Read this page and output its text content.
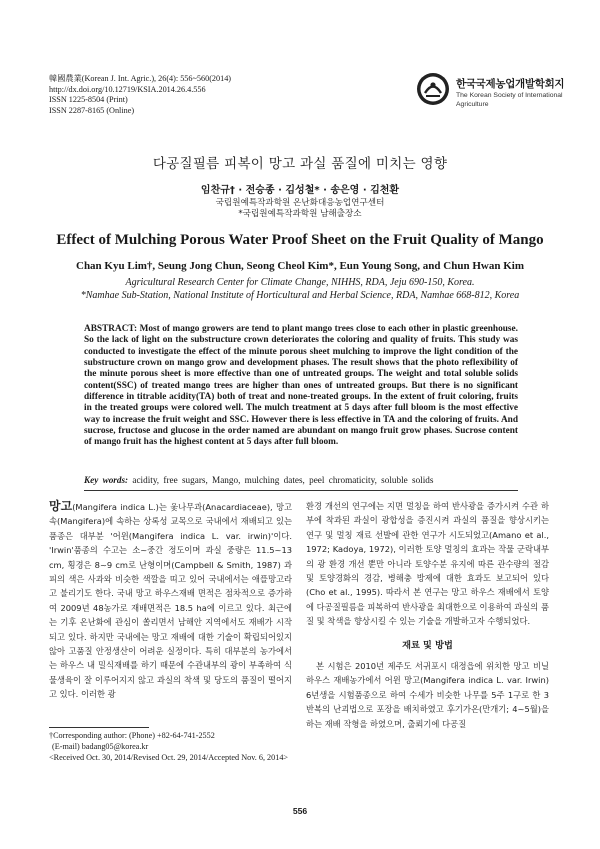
韓國農業(Korean J. Int. Agric.), 26(4): 556~560(2014)
http://dx.doi.org/10.12719/KSIA.2014.26.4.556
ISSN 1225-8504 (Print)
ISSN 2287-8165 (Online)
한국국제농업개발학회지
The Korean Society of International
Agriculture
다공질필름 피복이 망고 과실 품질에 미치는 영향
임찬규† · 전승종 · 김성철* · 송은영 · 김천환
국립원예특작과학원 온난화대응농업연구센터
*국립원예특작과학원 남해출장소
Effect of Mulching Porous Water Proof Sheet on the Fruit Quality of Mango
Chan Kyu Lim†, Seung Jong Chun, Seong Cheol Kim*, Eun Young Song, and Chun Hwan Kim
Agricultural Research Center for Climate Change, NIHHS, RDA, Jeju 690-150, Korea.
*Namhae Sub-Station, National Institute of Horticultural and Herbal Science, RDA, Namhae 668-812, Korea
ABSTRACT: Most of mango growers are tend to plant mango trees close to each other in plastic greenhouse. So the lack of light on the substructure crown deteriorates the coloring and quality of fruits. This study was conducted to investigate the effect of the minute porous sheet mulching to improve the light condition of the substructure crown on mango grow and development phases. The result shows that the photo reflexibility of the minute porous sheet is more effective than one of untreated groups. The weight and total soluble solids content(SSC) of treated mango trees are higher than ones of untreated groups. But there is no significant difference in titrable acidity(TA) both of treat and none-treated groups. In the extent of fruit coloring, fruits in the treated groups were colored well. The mulch treatment at 5 days after full bloom is the most effective way to increase the fruit weight and SSC. However there is less effective in TA and the coloring of fruits. And sucrose, fructose and glucose in the order named are abundant on mango fruit grow phases. Sucrose content of mango fruit has the highest content at 5 days after full bloom.
Key words: acidity, free sugars, Mango, mulching dates, peel chromaticity, soluble solids
망고(Mangifera indica L.)는 옻나무과(Anacardiaceae), 망고속(Mangifera)에 속하는 상록성 교목으로 국내에서 재배되고 있는 품종은 대부분 '어윈(Mangifera indica L. var. irwin)'이다. 'Irwin'품종의 수고는 소~중간 정도이며 과실 중량은 11.5~13 cm, 횡경은 8~9 cm로 난형이며(Campbell & Smith, 1987) 과피의 색은 사과와 비슷한 색깔을 띠고 있어 국내에서는 애플망고라고 불리기도 한다. 국내 망고 하우스재배 면적은 점차적으로 증가하여 2009년 48농가로 재배면적은 18.5 ha에 이르고 있다. 최근에는 기후 온난화에 관심이 쏠리면서 남해안 지역에서도 재배가 시작되고 있다. 하지만 국내에는 망고 재배에 대한 기술이 확립되어있지 않아 고품질 안정생산이 어려운 실정이다. 특히 대부분의 농가에서는 하우스 내 밀식재배를 하기 때문에 수관내부의 광이 부족하여 식물생육이 잘 이루어지지 않고 과실의 착색 및 당도의 품질이 떨어지고 있다. 이러한 광
환경 개선의 연구에는 지면 멀칭을 하여 반사광을 증가시켜 수관 하부에 착과된 과실이 광합성을 증진시켜 과실의 품질을 향상시키는 연구 및 멀칭 재료 선발에 관한 연구가 시도되었고(Amano et al., 1972; Kadoya, 1972), 이러한 토양 멀칭의 효과는 작물 군락내부의 광 환경 개선 뿐만 아니라 토양수분 유지에 따른 관수량의 절감 및 토양경화의 경감, 병해충 방제에 대한 효과도 보고되어 있다(Cho et al., 1995). 따라서 본 연구는 망고 하우스 재배에서 토양에 다공질필름을 피복하여 반사광을 최대한으로 이용하여 과실의 품질 및 착색을 향상시킬 수 있는 기술을 개발하고자 수행되었다.
재료 및 방법
본 시험은 2010년 제주도 서귀포시 대정읍에 위치한 망고 비닐하우스 재배농가에서 어윈 망고(Mangifera indica L. var. Irwin) 6년생을 시험품종으로 하여 수세가 비슷한 나무를 5주 1구로 한 3반복의 난괴법으로 포장을 배치하였고 후기가온(만개기; 4~5월)을 하는 재배 작형을 하였으며, 출뢰기에 다공질
†Corresponding author: (Phone) +82-64-741-2552
(E-mail) badang05@korea.kr
<Received Oct. 30, 2014/Revised Oct. 29, 2014/Accepted Nov. 6, 2014>
556
